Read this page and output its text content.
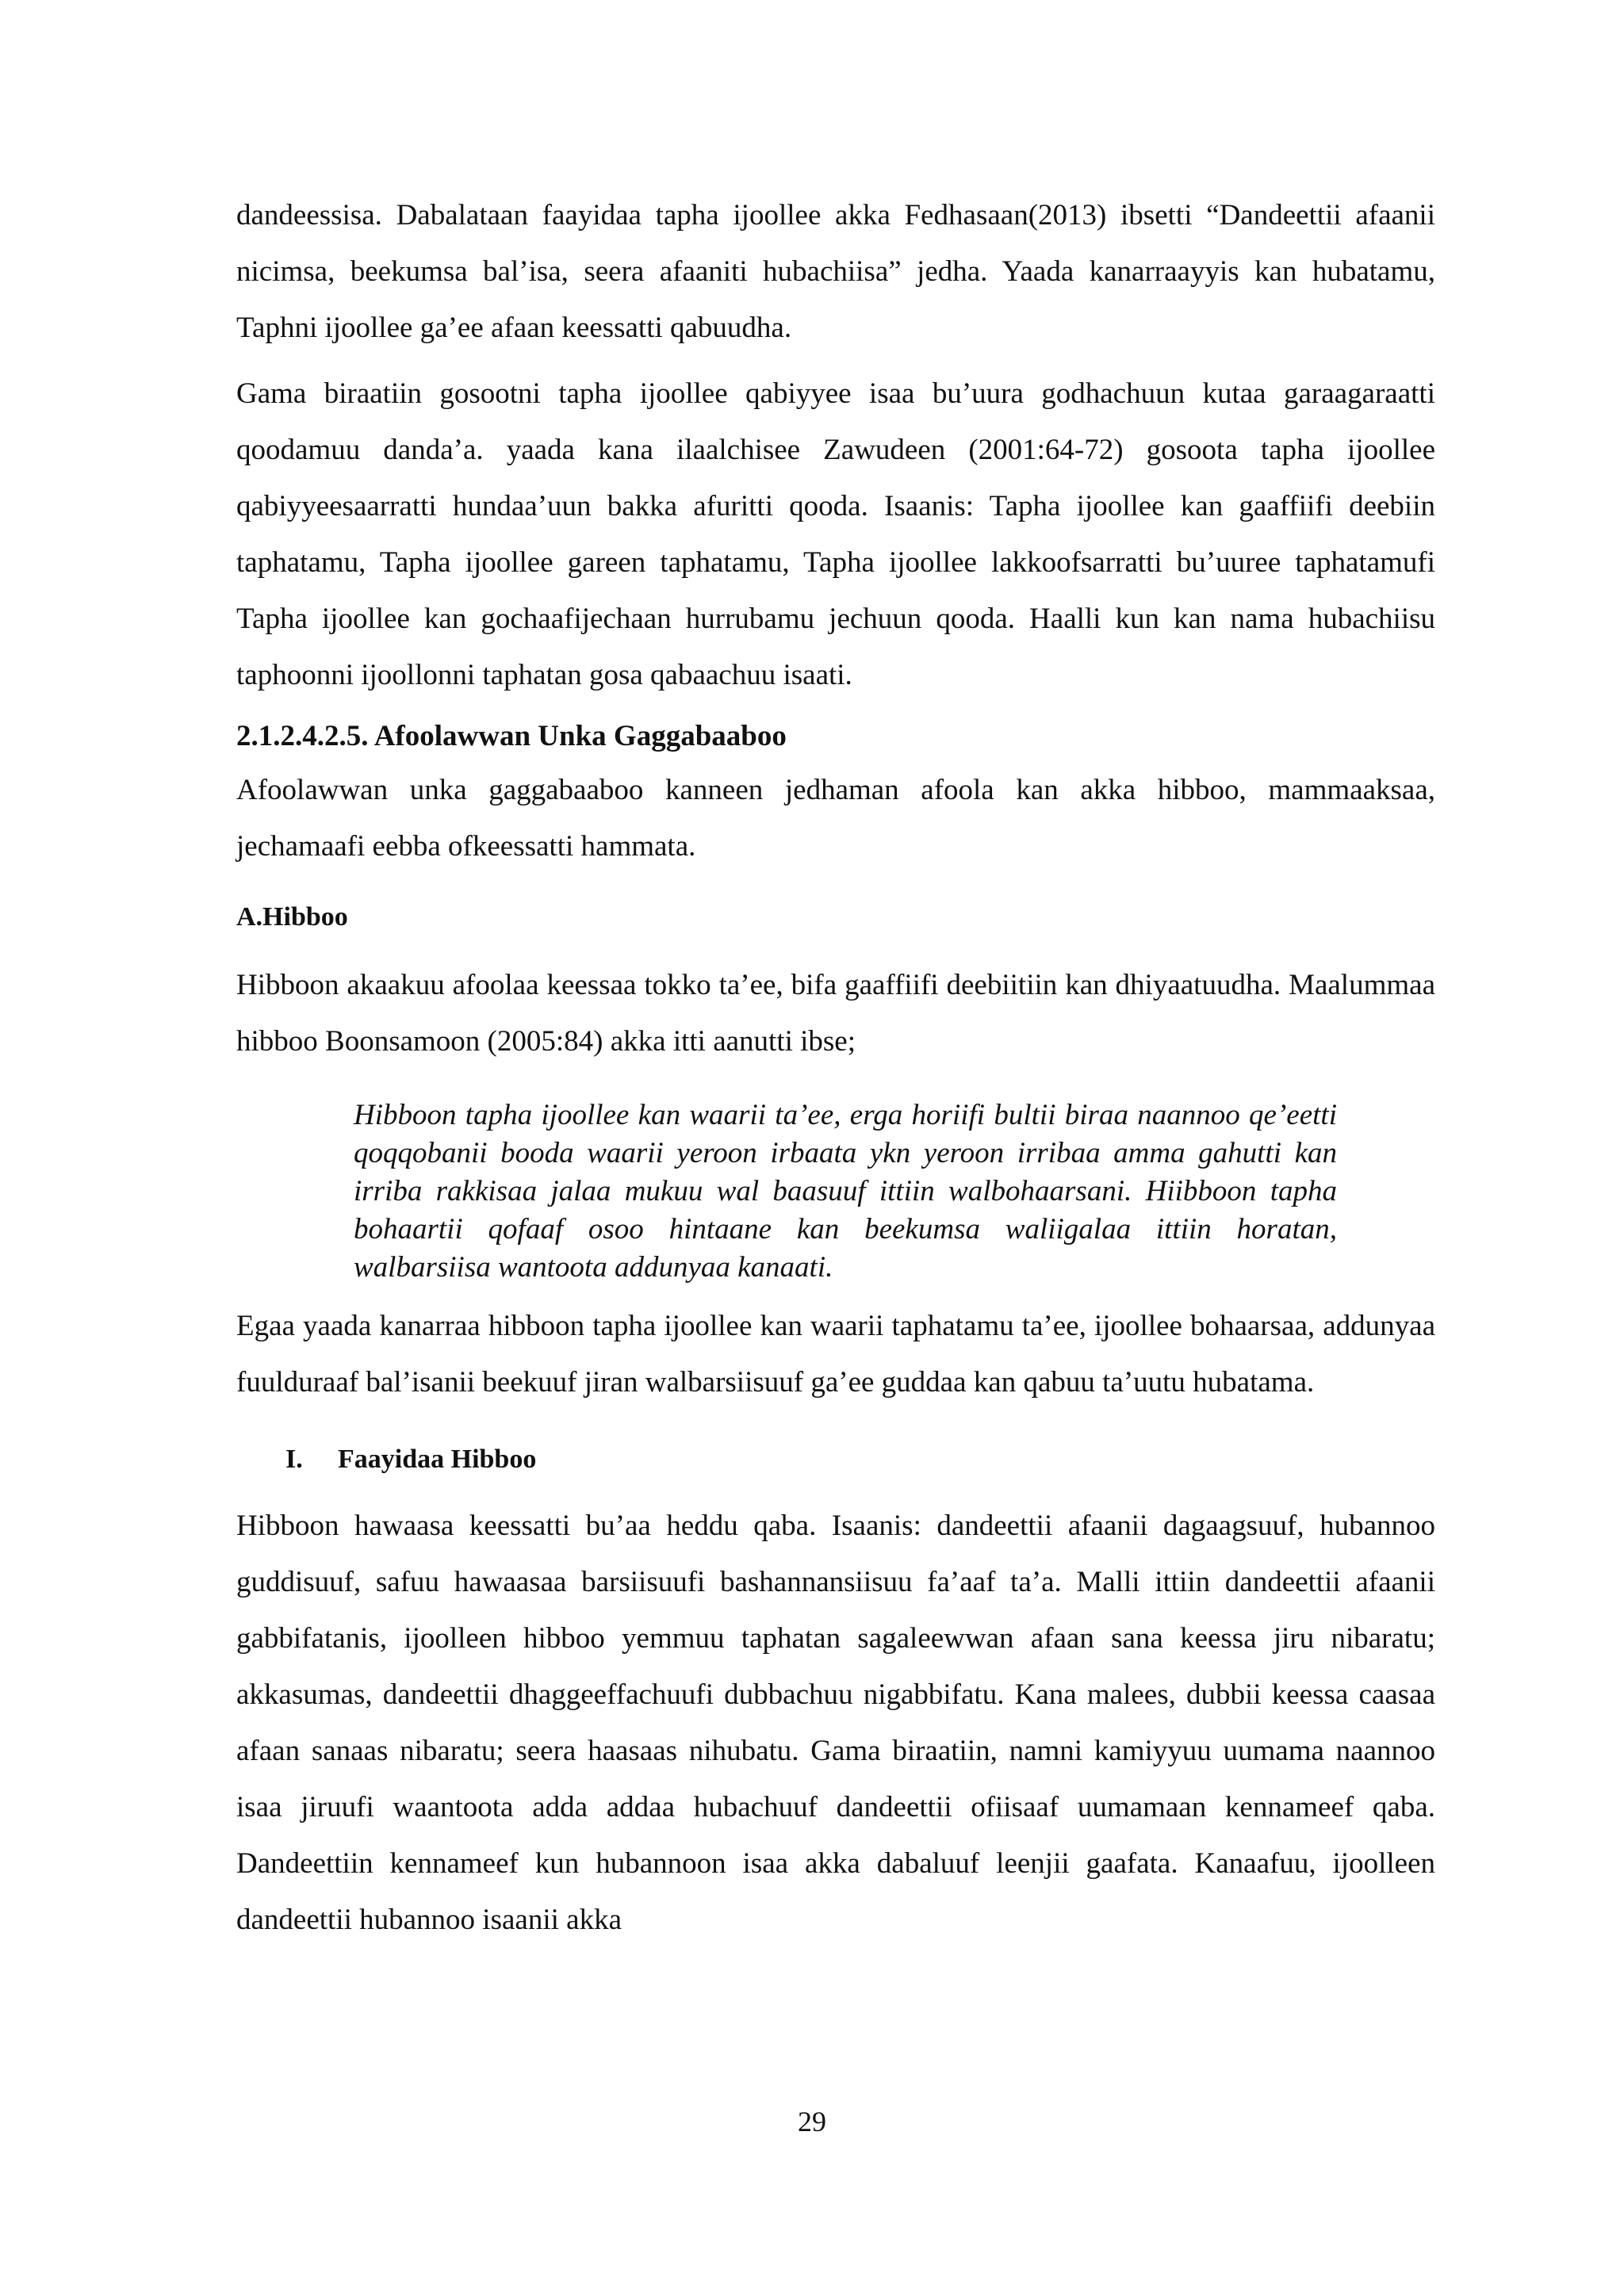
dandeessisa. Dabalataan faayidaa tapha ijoollee akka Fedhasaan(2013) ibsetti “Dandeettii afaanii nicimsa, beekumsa bal’isa, seera afaaniti hubachiisa” jedha. Yaada kanarraayyis kan hubatamu, Taphni ijoollee ga’ee afaan keessatti qabuudha.

Gama biraatiin gosootni tapha ijoollee qabiyyee isaa bu’uura godhachuun kutaa garaagaraatti qoodamuu danda’a. yaada kana ilaalchisee Zawudeen (2001:64-72) gosoota tapha ijoollee qabiyyeesaarratti hundaa’uun bakka afuritti qooda. Isaanis: Tapha ijoollee kan gaaffiifi deebiin taphatamu, Tapha ijoollee gareen taphatamu, Tapha ijoollee lakkoofsarratti bu’uuree taphatamufi Tapha ijoollee kan gochaafijechaan hurrubamu jechuun qooda. Haalli kun kan nama hubachiisu taphoonni ijoollonni taphatan gosa qabaachuu isaati.

2.1.2.4.2.5. Afoolawwan Unka Gaggabaaboo

Afoolawwan unka gaggabaaboo kanneen jedhaman afoola kan akka hibboo, mammaaksaa, jechamaafi eebba ofkeessatti hammata.

A.Hibboo

Hibboon akaakuu afoolaa keessaa tokko ta’ee, bifa gaaffiifi deebiitiin kan dhiyaatuudha. Maalummaa hibboo Boonsamoon (2005:84) akka itti aanutti ibse;

Hibboon tapha ijoollee kan waarii ta’ee, erga horiifi bultii biraa naannoo qe’eetti qoqqobanii booda waarii yeroon irbaata ykn yeroon irribaa amma gahutti kan irriba rakkisaa jalaa mukuu wal baasuuf ittiin walbohaarsani. Hiibboon tapha bohaartii qofaaf osoo hintaane kan beekumsa waliigalaa ittiin horatan, walbarsiisa wantoota addunyaa kanaati.

Egaa yaada kanarraa hibboon tapha ijoollee kan waarii taphatamu ta’ee, ijoollee bohaarsaa, addunyaa fuulduraaf bal’isanii beekuuf jiran walbarsiisuuf ga’ee guddaa kan qabuu ta’uutu hubatama.

I. Faayidaa Hibboo

Hibboon hawaasa keessatti bu’aa heddu qaba. Isaanis: dandeettii afaanii dagaagsuuf, hubannoo guddisuuf, safuu hawaasaa barsiisuufi bashannansiisuu fa’aaf ta’a. Malli ittiin dandeettii afaanii gabbifatanis, ijoolleen hibboo yemmuu taphatan sagaleewwan afaan sana keessa jiru nibaratu; akkasumas, dandeettii dhaggeeffachuufi dubbachuu nigabbifatu. Kana malees, dubbii keessa caasaa afaan sanaas nibaratu; seera haasaas nihubatu. Gama biraatiin, namni kamiyyuu uumama naannoo isaa jiruufi waantoota adda addaa hubachuuf dandeettii ofiisaaf uumamaan kennameef qaba. Dandeettiin kennameef kun hubannoon isaa akka dabaluuf leenjii gaafata. Kanaafuu, ijoolleen dandeettii hubannoo isaanii akka

29
